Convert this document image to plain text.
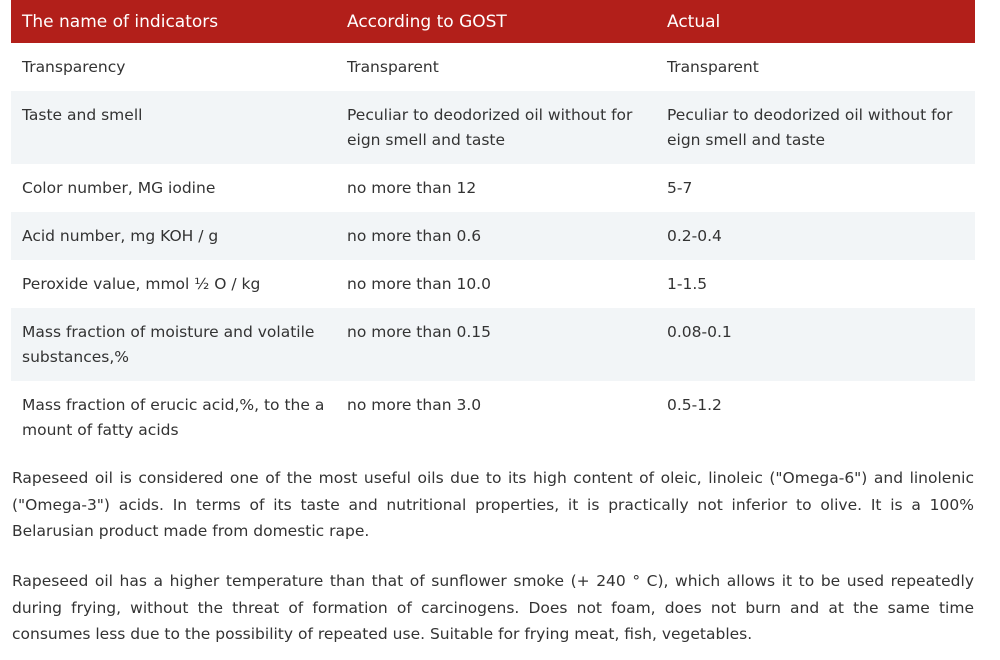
The name of indicators	According to GOST	Actual
Transparency	Transparent	Transparent
Taste and smell	Peculiar to deodorized oil without for eign smell and taste	Peculiar to deodorized oil without for eign smell and taste
Color number, MG iodine	no more than 12	5-7
Acid number, mg KOH / g	no more than 0.6	0.2-0.4
Peroxide value, mmol ½ O / kg	no more than 10.0	1-1.5
Mass fraction of moisture and volatile substances,%	no more than 0.15	0.08-0.1
Mass fraction of erucic acid,%, to the a mount of fatty acids	no more than 3.0	0.5-1.2

Rapeseed oil is considered one of the most useful oils due to its high content of oleic, linoleic ("Omega-6") and linolenic ("Omega-3") acids. In terms of its taste and nutritional properties, it is practically not inferior to olive. It is a 100% Belarusian product made from domestic rape.

Rapeseed oil has a higher temperature than that of sunflower smoke (+ 240 ° C), which allows it to be used repeatedly during frying, without the threat of formation of carcinogens. Does not foam, does not burn and at the same time consumes less due to the possibility of repeated use. Suitable for frying meat, fish, vegetables.
